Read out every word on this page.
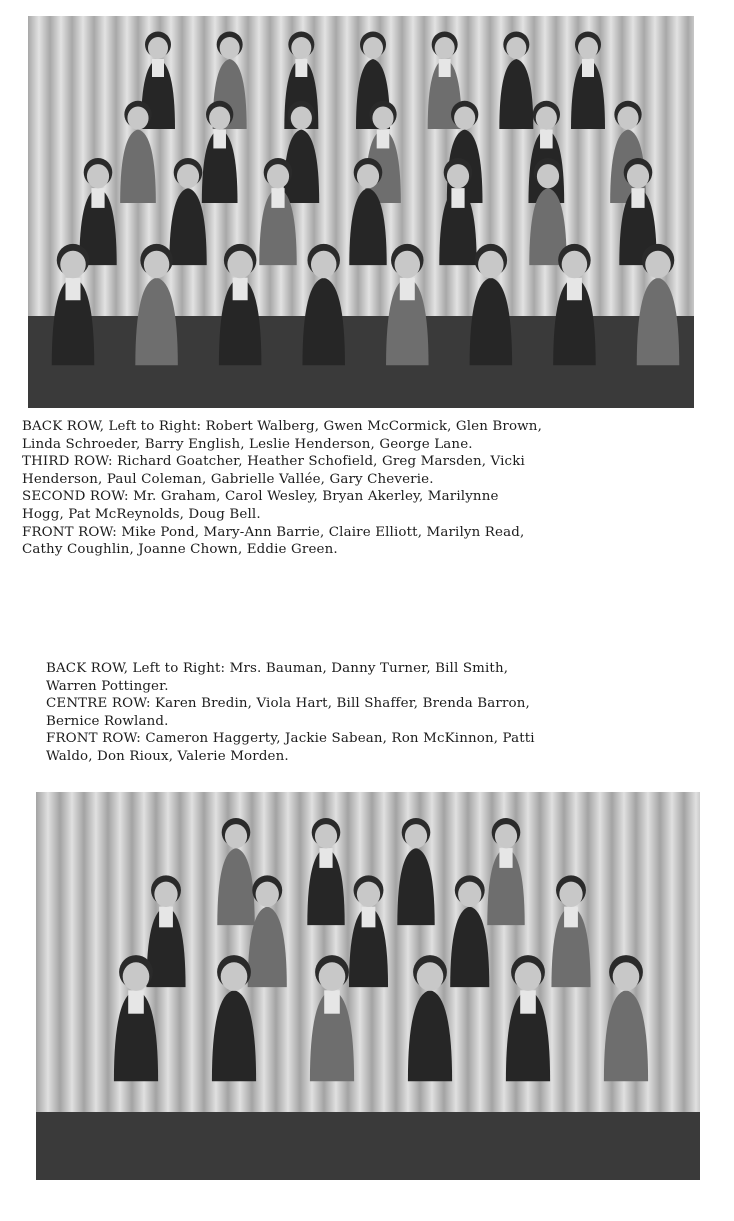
BACK ROW, Left to Right: Robert Walberg, Gwen McCormick, Glen Brown,

Linda Schroeder, Barry English, Leslie Henderson, George Lane.

THIRD ROW: Richard Goatcher, Heather Schofield, Greg Marsden, Vicki

Henderson, Paul Coleman, Gabrielle Vallée, Gary Cheverie.

SECOND ROW: Mr. Graham, Carol Wesley, Bryan Akerley, Marilynne

Hogg, Pat McReynolds, Doug Bell.

FRONT ROW: Mike Pond, Mary-Ann Barrie, Claire Elliott, Marilyn Read,

Cathy Coughlin, Joanne Chown, Eddie Green.

BACK ROW, Left to Right: Mrs. Bauman, Danny Turner, Bill Smith,

Warren Pottinger.

CENTRE ROW: Karen Bredin, Viola Hart, Bill Shaffer, Brenda Barron,

Bernice Rowland.

FRONT ROW: Cameron Haggerty, Jackie Sabean, Ron McKinnon, Patti

Waldo, Don Rioux, Valerie Morden.
